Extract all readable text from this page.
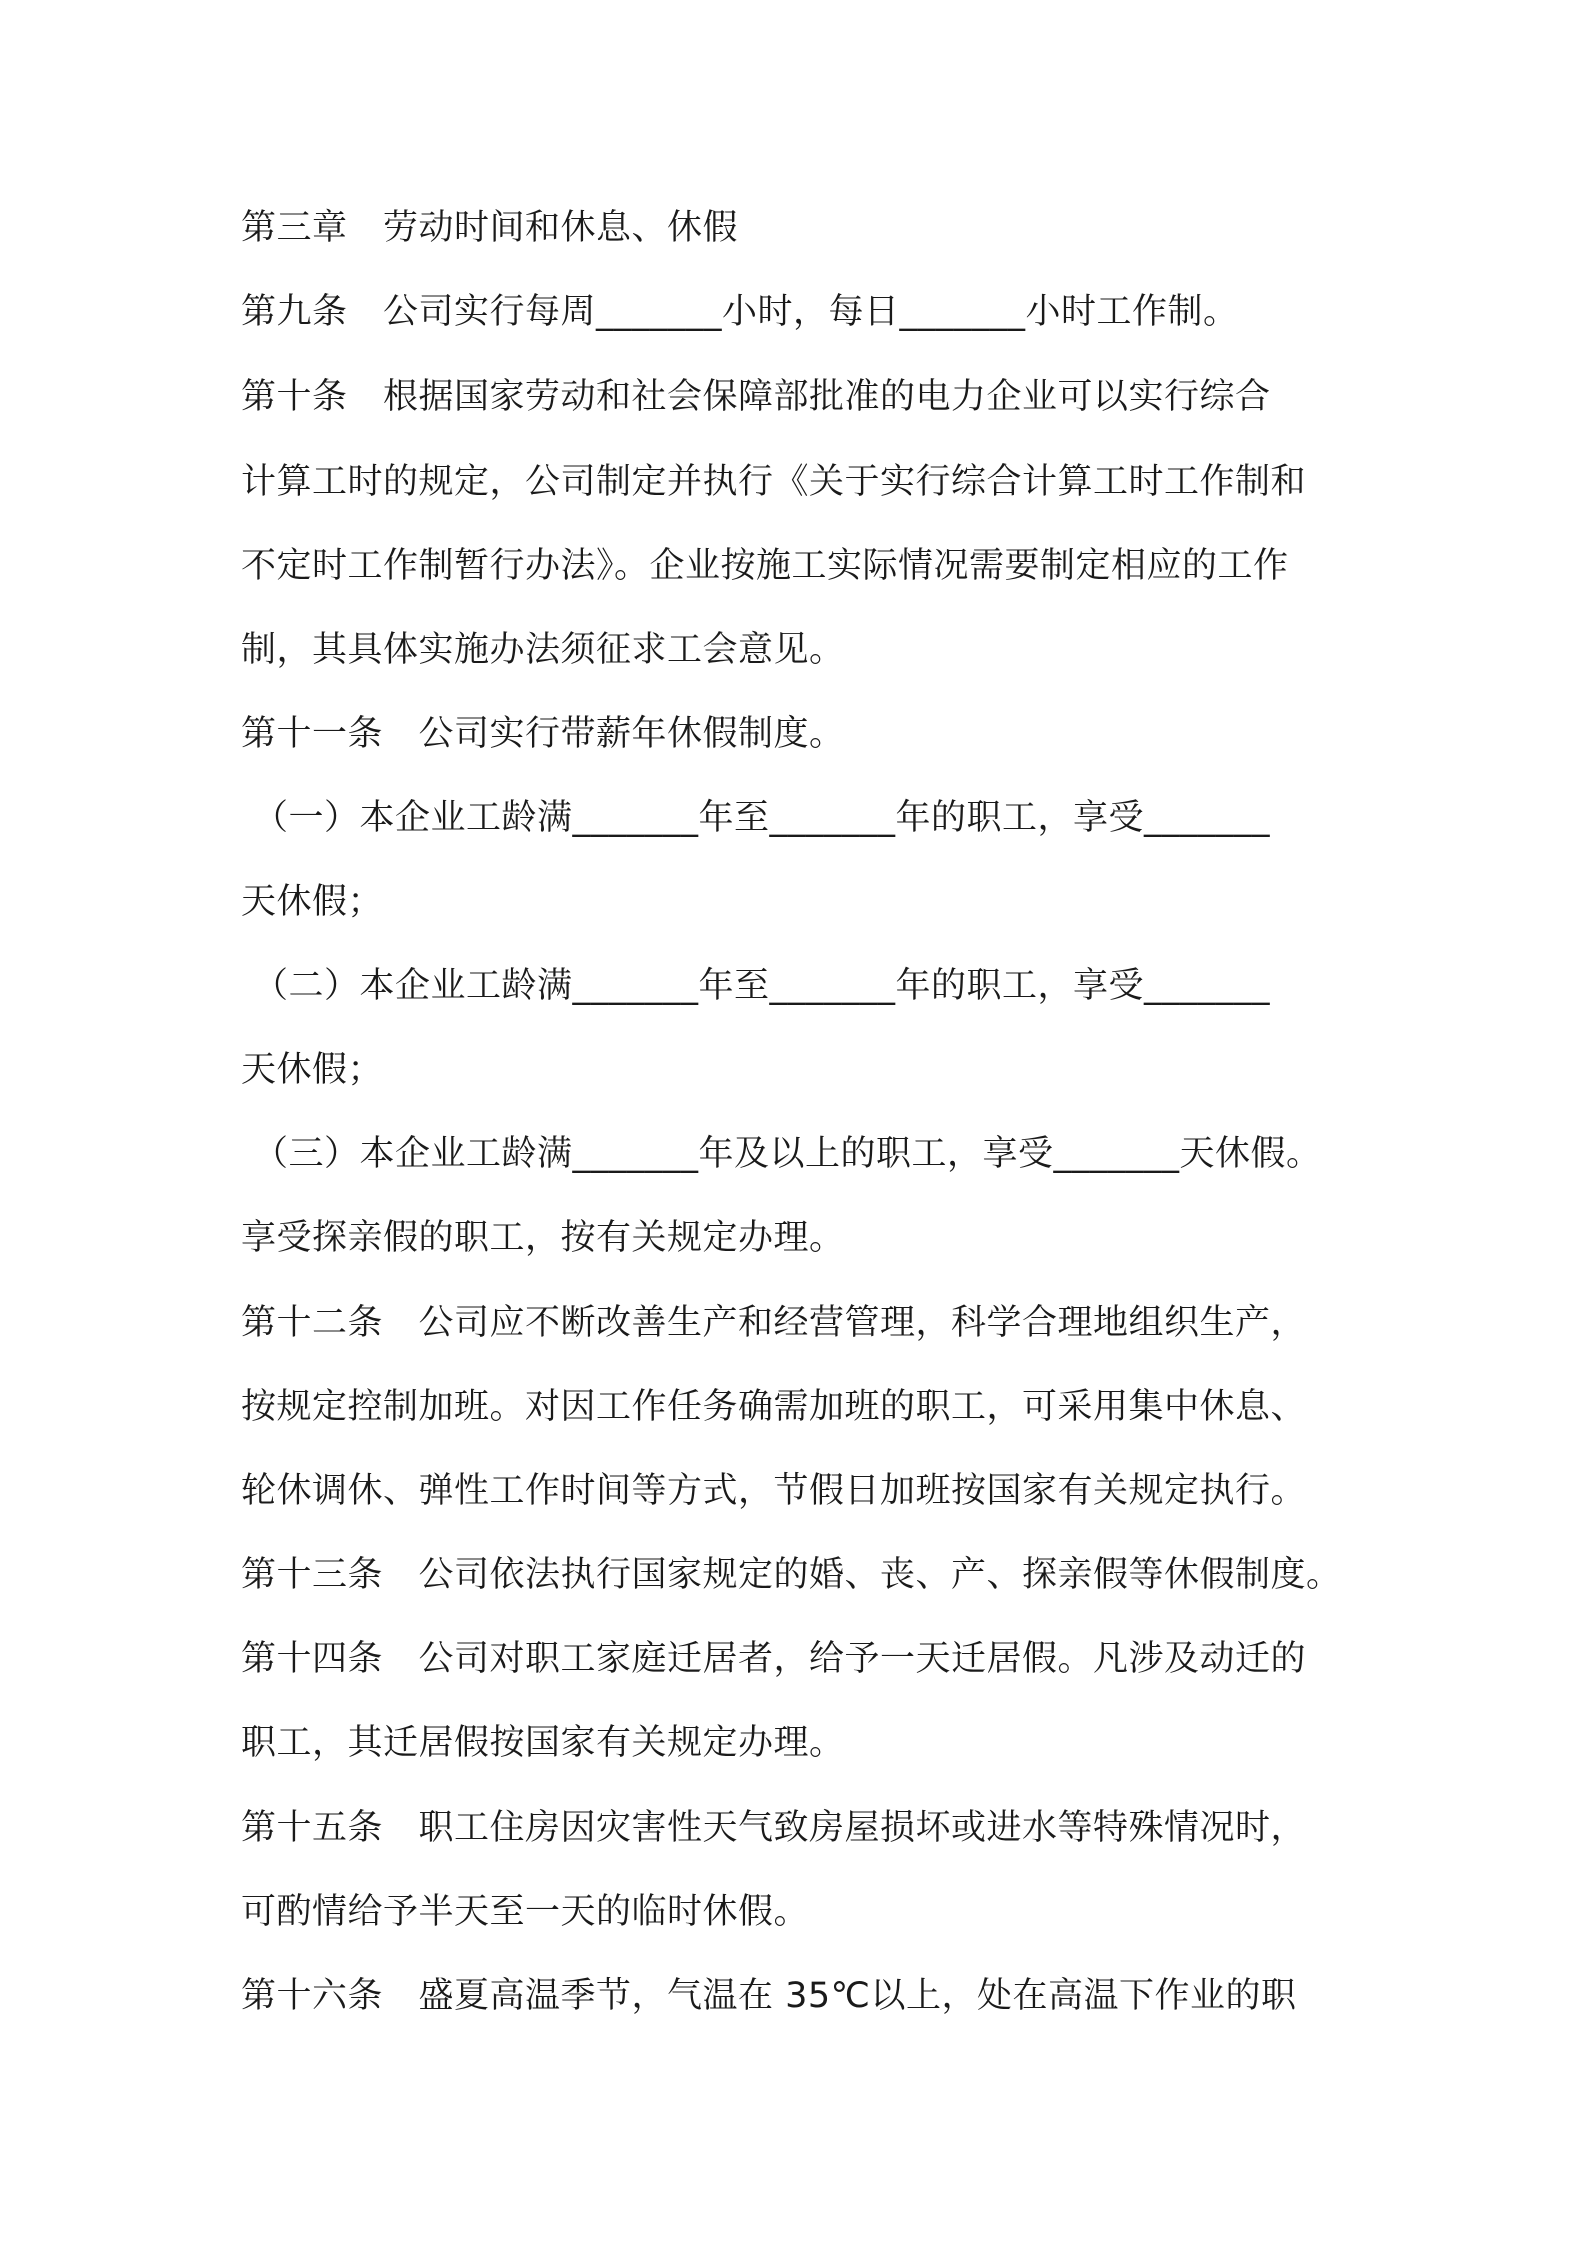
第三章　劳动时间和休息、休假
第九条　公司实行每周_______小时，每日_______小时工作制。
第十条　根据国家劳动和社会保障部批准的电力企业可以实行综合
计算工时的规定，公司制定并执行《关于实行综合计算工时工作制和
不定时工作制暂行办法》。企业按施工实际情况需要制定相应的工作
制，其具体实施办法须征求工会意见。
第十一条　公司实行带薪年休假制度。
（一）本企业工龄满_______年至_______年的职工，享受_______
天休假；
（二）本企业工龄满_______年至_______年的职工，享受_______
天休假；
（三）本企业工龄满_______年及以上的职工，享受_______天休假。
享受探亲假的职工，按有关规定办理。
第十二条　公司应不断改善生产和经营管理，科学合理地组织生产，
按规定控制加班。对因工作任务确需加班的职工，可采用集中休息、
轮休调休、弹性工作时间等方式，节假日加班按国家有关规定执行。
第十三条　公司依法执行国家规定的婚、丧、产、探亲假等休假制度。
第十四条　公司对职工家庭迁居者，给予一天迁居假。凡涉及动迁的
职工，其迁居假按国家有关规定办理。
第十五条　职工住房因灾害性天气致房屋损坏或进水等特殊情况时，
可酌情给予半天至一天的临时休假。
第十六条　盛夏高温季节，气温在 35℃以上，处在高温下作业的职
